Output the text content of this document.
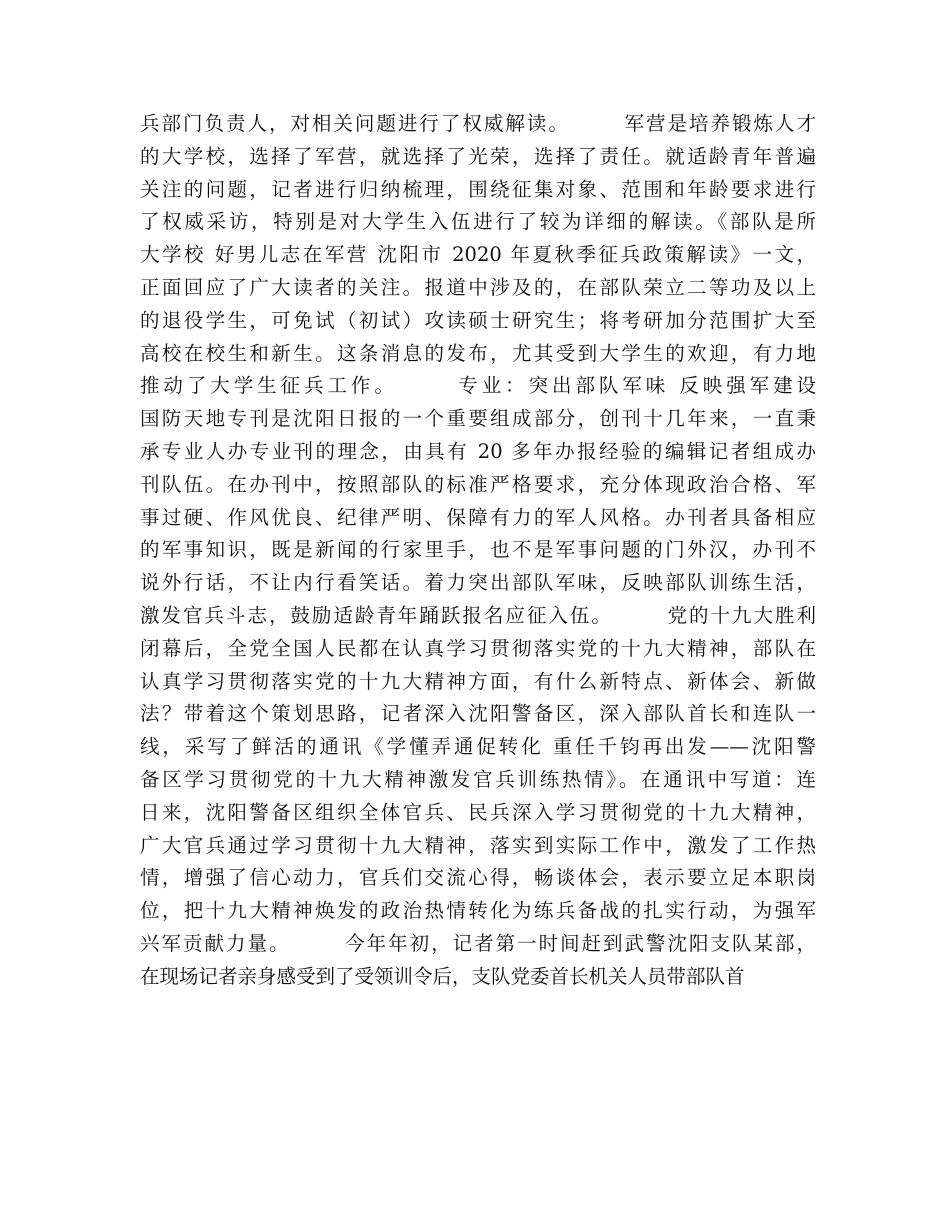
兵部门负责人，对相关问题进行了权威解读。　　　军营是培养锻炼人才
的大学校，选择了军营，就选择了光荣，选择了责任。就适龄青年普遍
关注的问题，记者进行归纳梳理，围绕征集对象、范围和年龄要求进行
了权威采访，特别是对大学生入伍进行了较为详细的解读。《部队是所
大学校 好男儿志在军营 沈阳市 2020 年夏秋季征兵政策解读》一文，
正面回应了广大读者的关注。报道中涉及的，在部队荣立二等功及以上
的退役学生，可免试（初试）攻读硕士研究生；将考研加分范围扩大至
高校在校生和新生。这条消息的发布，尤其受到大学生的欢迎，有力地
推动了大学生征兵工作。　　　专业：突出部队军味 反映强军建设
国防天地专刊是沈阳日报的一个重要组成部分，创刊十几年来，一直秉
承专业人办专业刊的理念，由具有 20 多年办报经验的编辑记者组成办
刊队伍。在办刊中，按照部队的标准严格要求，充分体现政治合格、军
事过硬、作风优良、纪律严明、保障有力的军人风格。办刊者具备相应
的军事知识，既是新闻的行家里手，也不是军事问题的门外汉，办刊不
说外行话，不让内行看笑话。着力突出部队军味，反映部队训练生活，
激发官兵斗志，鼓励适龄青年踊跃报名应征入伍。　　　党的十九大胜利
闭幕后，全党全国人民都在认真学习贯彻落实党的十九大精神，部队在
认真学习贯彻落实党的十九大精神方面，有什么新特点、新体会、新做
法？带着这个策划思路，记者深入沈阳警备区，深入部队首长和连队一
线，采写了鲜活的通讯《学懂弄通促转化 重任千钧再出发——沈阳警
备区学习贯彻党的十九大精神激发官兵训练热情》。在通讯中写道：连
日来，沈阳警备区组织全体官兵、民兵深入学习贯彻党的十九大精神，
广大官兵通过学习贯彻十九大精神，落实到实际工作中，激发了工作热
情，增强了信心动力，官兵们交流心得，畅谈体会，表示要立足本职岗
位，把十九大精神焕发的政治热情转化为练兵备战的扎实行动，为强军
兴军贡献力量。　　　今年年初，记者第一时间赶到武警沈阳支队某部，
在现场记者亲身感受到了受领训令后，支队党委首长机关人员带部队首
